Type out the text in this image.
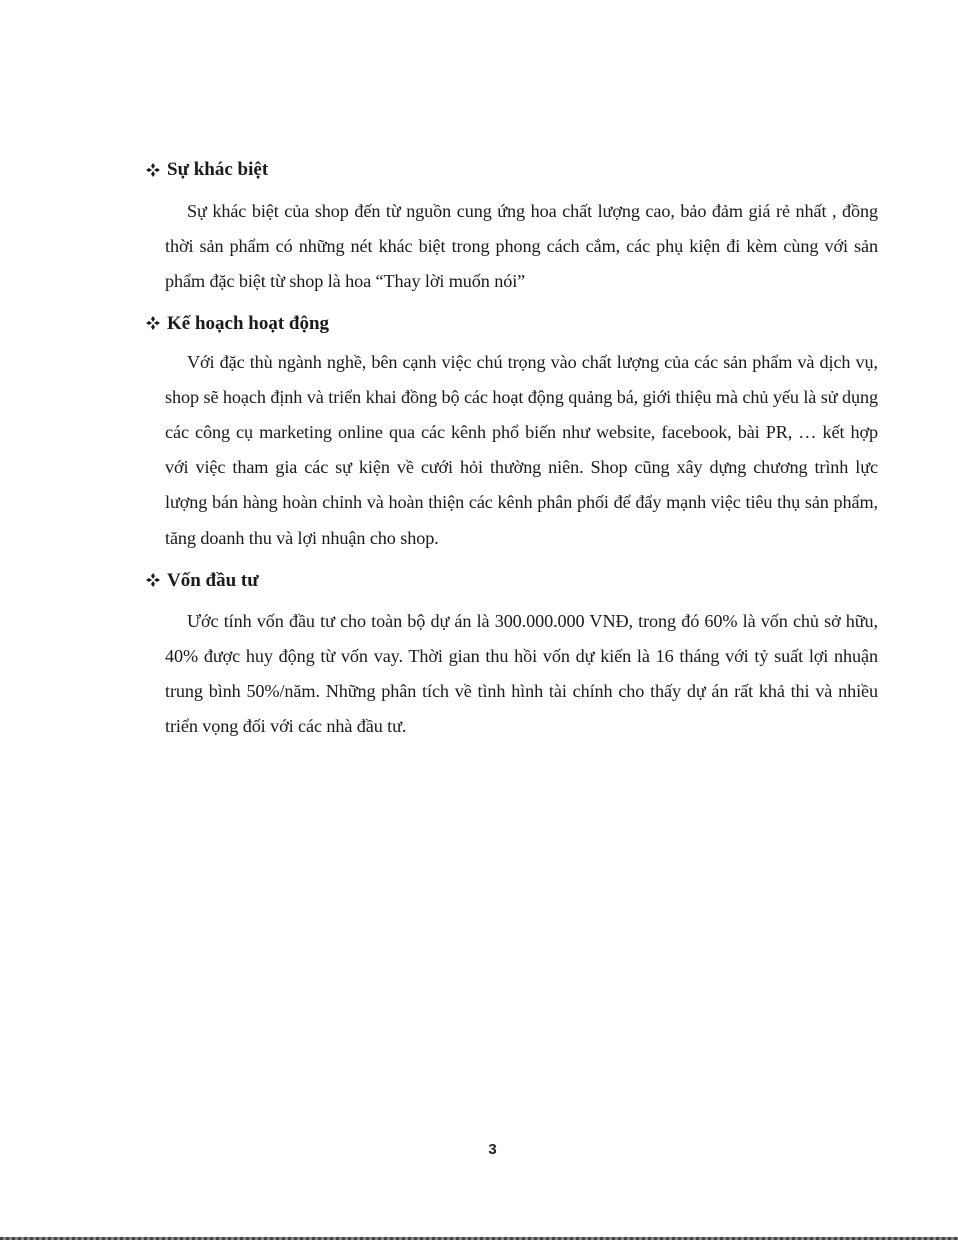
Sự khác biệt

Sự khác biệt của shop đến từ nguồn cung ứng hoa chất lượng cao, bảo đảm giá rẻ nhất , đồng thời sản phẩm có những nét khác biệt trong phong cách cắm, các phụ kiện đi kèm cùng với sản phẩm đặc biệt từ shop là hoa “Thay lời muốn nói”

Kế hoạch hoạt động

Với đặc thù ngành nghề, bên cạnh việc chú trọng vào chất lượng của các sản phẩm và dịch vụ, shop sẽ hoạch định và triển khai đồng bộ các hoạt động quảng bá, giới thiệu mà chủ yếu là sử dụng các công cụ marketing online qua các kênh phổ biến như website, facebook, bài PR, … kết hợp với việc tham gia các sự kiện về cưới hỏi thường niên. Shop cũng xây dựng chương trình lực lượng bán hàng hoàn chỉnh và hoàn thiện các kênh phân phối để đẩy mạnh việc tiêu thụ sản phẩm, tăng doanh thu và lợi nhuận cho shop.

Vốn đầu tư

Ước tính vốn đầu tư cho toàn bộ dự án là 300.000.000 VNĐ, trong đó 60% là vốn chủ sở hữu, 40% được huy động từ vốn vay. Thời gian thu hồi vốn dự kiến là 16 tháng với tỷ suất lợi nhuận trung bình 50%/năm. Những phân tích về tình hình tài chính cho thấy dự án rất khả thi và nhiều triển vọng đối với các nhà đầu tư.

3
